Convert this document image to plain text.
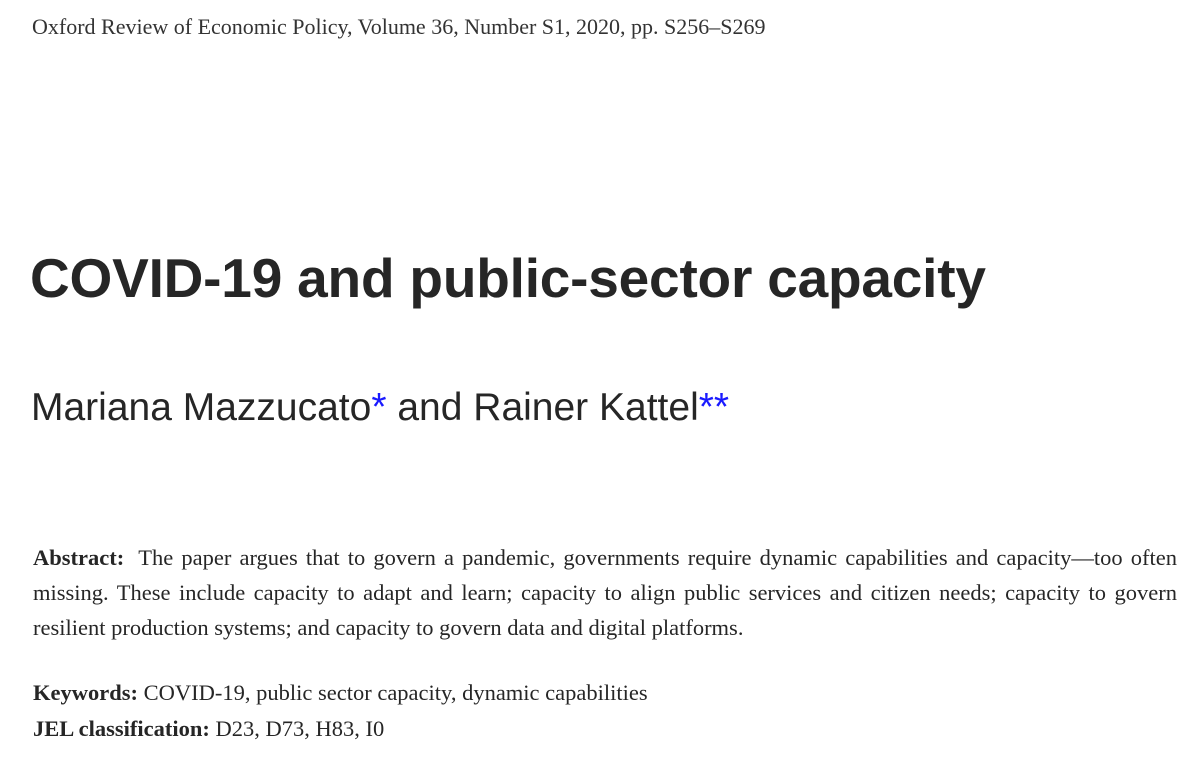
Oxford Review of Economic Policy, Volume 36, Number S1, 2020, pp. S256–S269
COVID-19 and public-sector capacity
Mariana Mazzucato* and Rainer Kattel**

Abstract: The paper argues that to govern a pandemic, governments require dynamic capabilities and capacity—too often missing. These include capacity to adapt and learn; capacity to align public services and citizen needs; capacity to govern resilient production systems; and capacity to govern data and digital platforms.

Keywords: COVID-19, public sector capacity, dynamic capabilities
JEL classification: D23, D73, H83, I0
